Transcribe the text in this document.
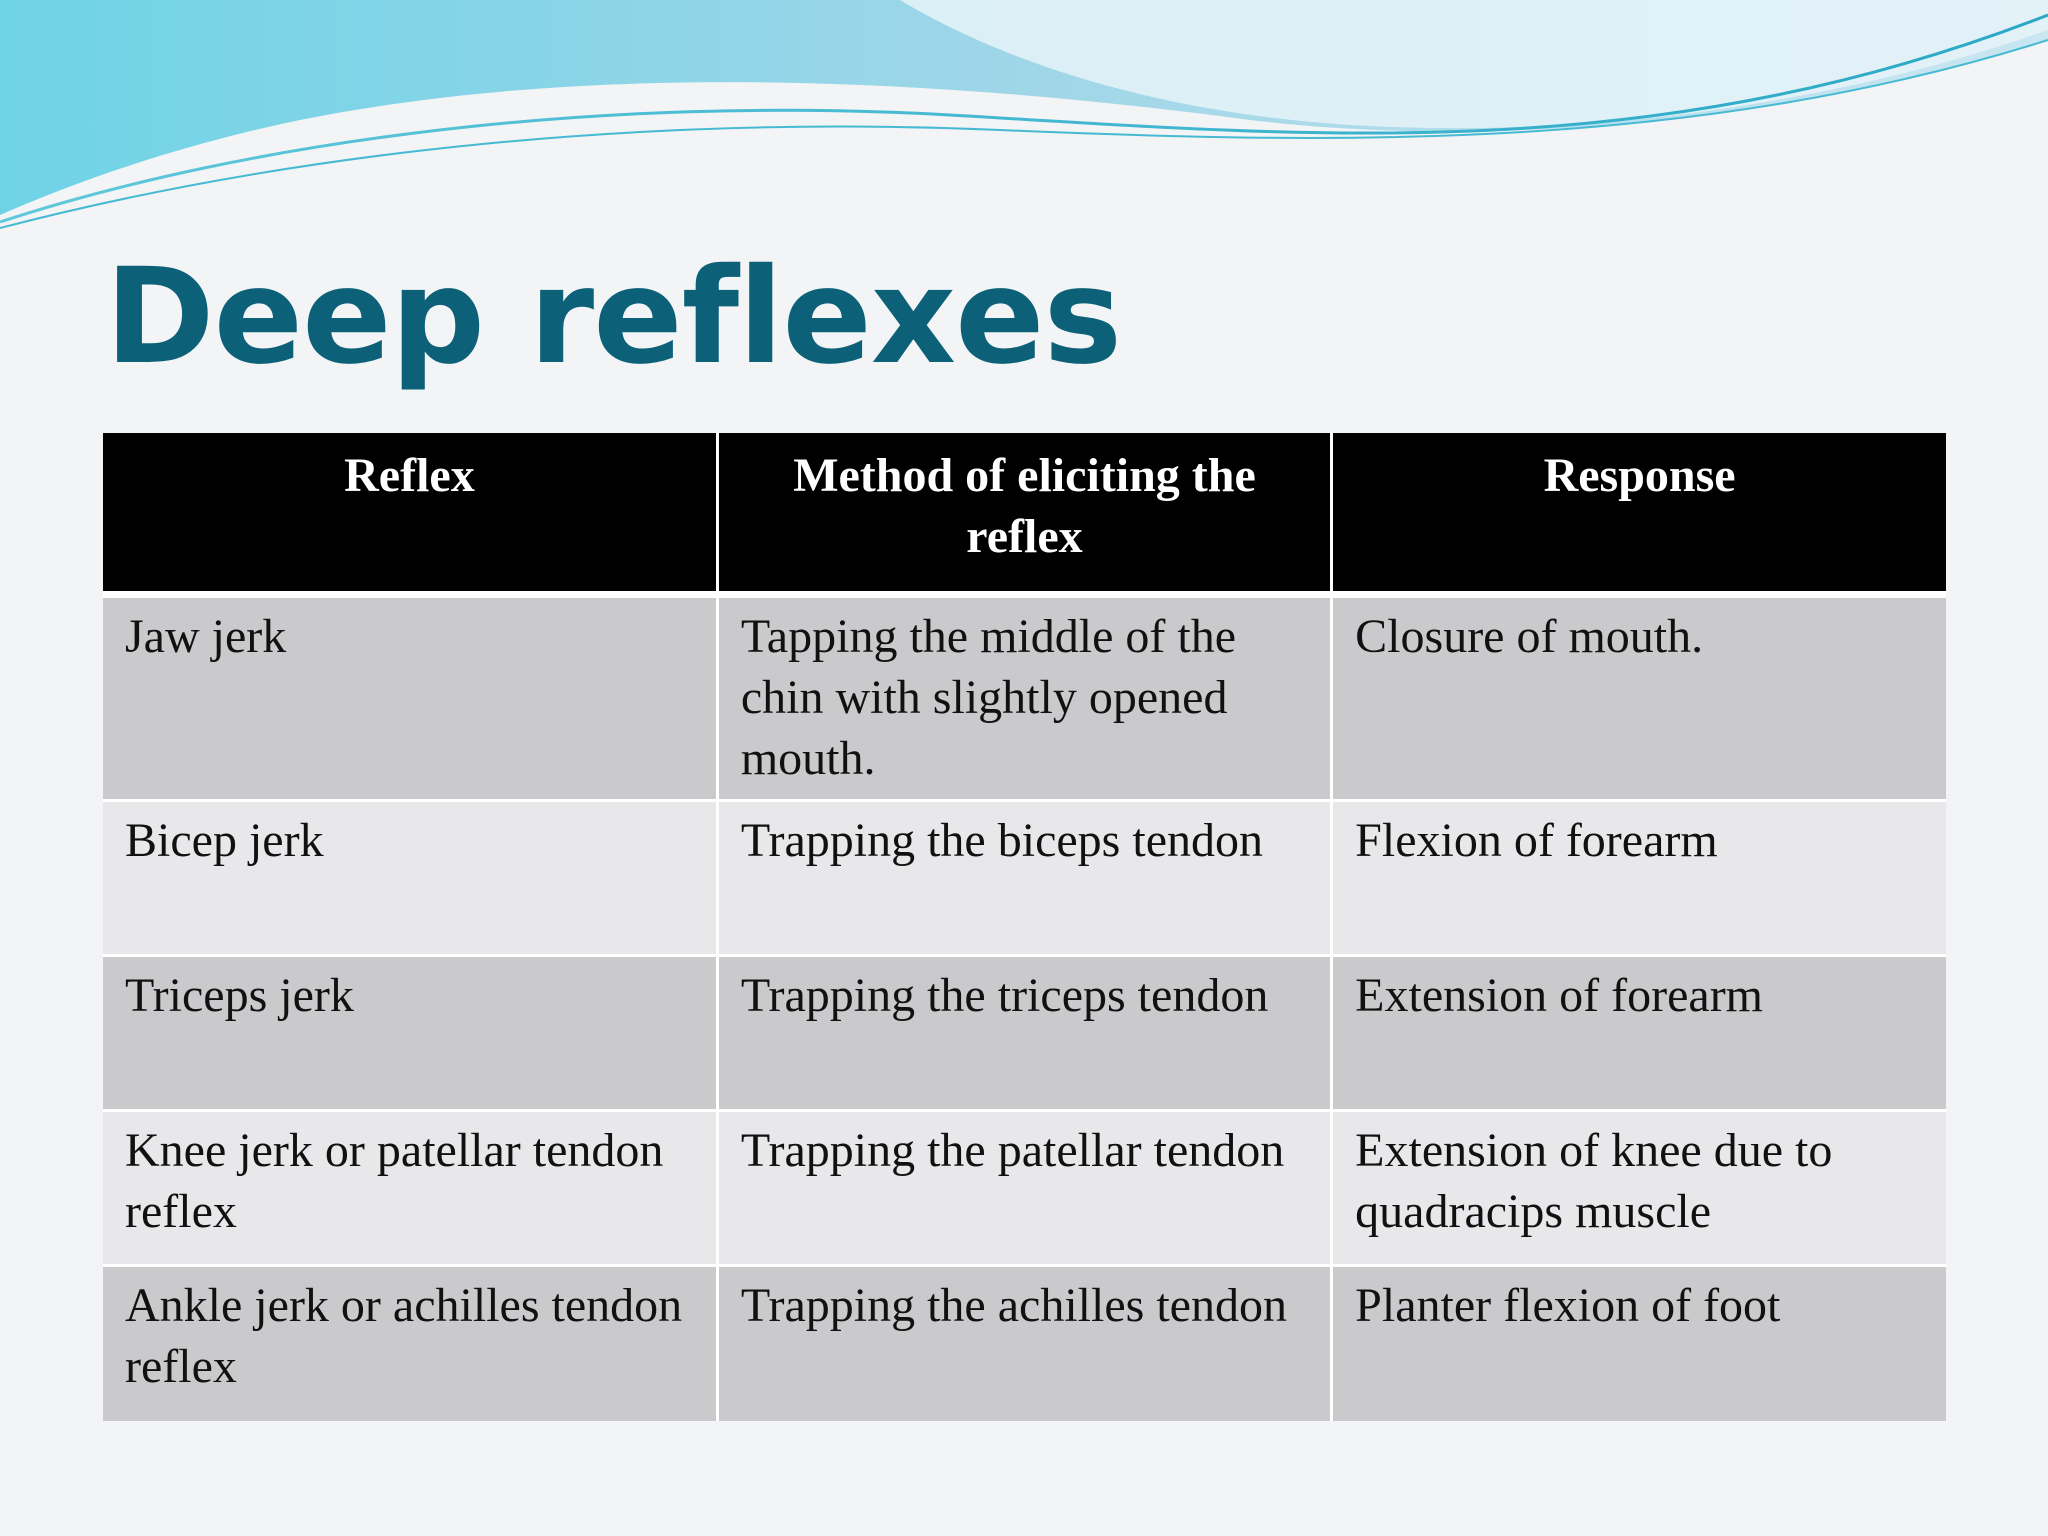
Deep reflexes
Reflex	Method of eliciting the reflex	Response
Jaw jerk	Tapping the middle of the chin with slightly opened mouth.	Closure of mouth.
Bicep jerk	Trapping the biceps tendon	Flexion of forearm
Triceps jerk	Trapping the triceps tendon	Extension of forearm
Knee jerk or patellar tendon reflex	Trapping the patellar tendon	Extension of knee due to quadracips muscle
Ankle jerk or achilles tendon reflex	Trapping the achilles tendon	Planter flexion of foot
